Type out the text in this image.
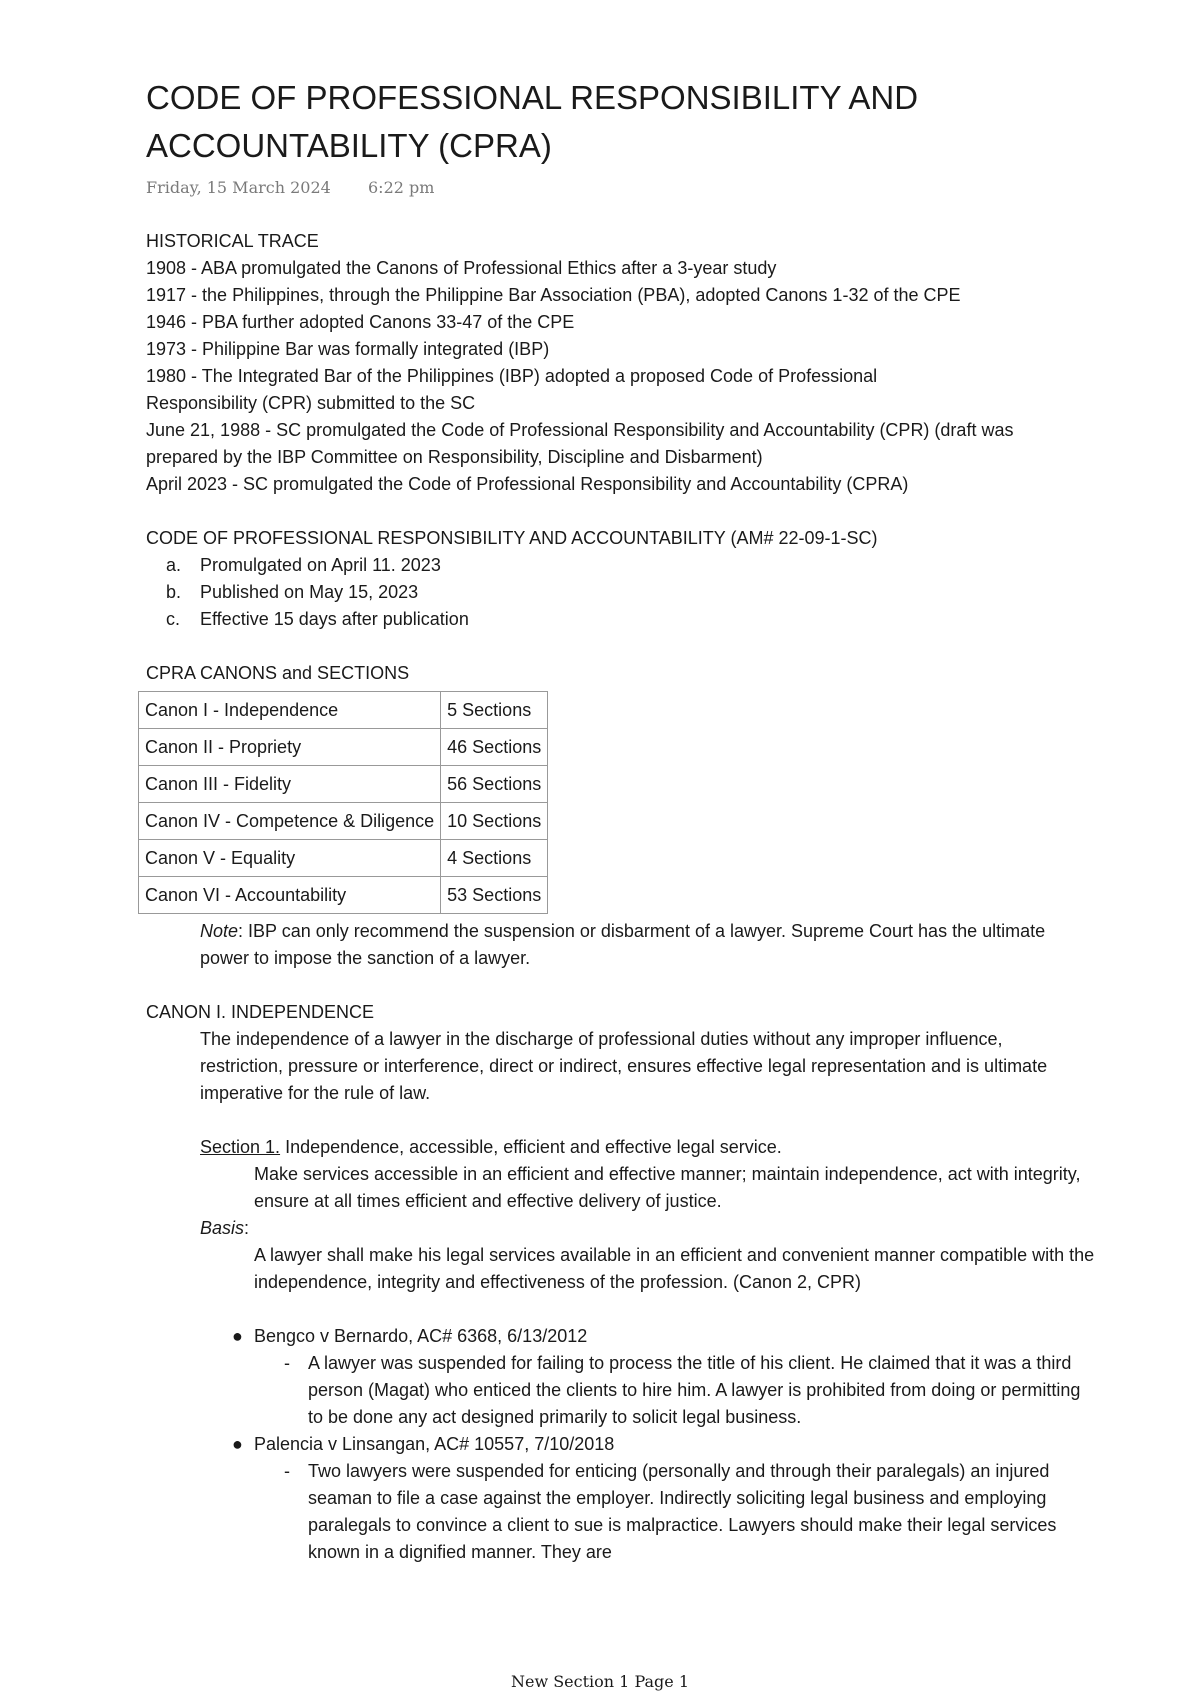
CODE OF PROFESSIONAL RESPONSIBILITY AND ACCOUNTABILITY (CPRA)
Friday, 15 March 2024 6:22 pm

HISTORICAL TRACE

1908 - ABA promulgated the Canons of Professional Ethics after a 3-year study

1917 - the Philippines, through the Philippine Bar Association (PBA), adopted Canons 1-32 of the CPE

1946 - PBA further adopted Canons 33-47 of the CPE

1973 - Philippine Bar was formally integrated (IBP)

1980 - The Integrated Bar of the Philippines (IBP) adopted a proposed Code of Professional Responsibility (CPR) submitted to the SC

June 21, 1988 - SC promulgated the Code of Professional Responsibility and Accountability (CPR) (draft was prepared by the IBP Committee on Responsibility, Discipline and Disbarment)

April 2023 - SC promulgated the Code of Professional Responsibility and Accountability (CPRA)

CODE OF PROFESSIONAL RESPONSIBILITY AND ACCOUNTABILITY (AM# 22-09-1-SC)

a. Promulgated on April 11. 2023
b. Published on May 15, 2023
c. Effective 15 days after publication

CPRA CANONS and SECTIONS

Canon I - Independence	5 Sections
Canon II - Propriety	46 Sections
Canon III - Fidelity	56 Sections
Canon IV - Competence & Diligence	10 Sections
Canon V - Equality	4 Sections
Canon VI - Accountability	53 Sections

Note: IBP can only recommend the suspension or disbarment of a lawyer. Supreme Court has the ultimate power to impose the sanction of a lawyer.

CANON I. INDEPENDENCE

The independence of a lawyer in the discharge of professional duties without any improper influence, restriction, pressure or interference, direct or indirect, ensures effective legal representation and is ultimate imperative for the rule of law.

Section 1. Independence, accessible, efficient and effective legal service.

Make services accessible in an efficient and effective manner; maintain independence, act with integrity, ensure at all times efficient and effective delivery of justice.

Basis:

A lawyer shall make his legal services available in an efficient and convenient manner compatible with the independence, integrity and effectiveness of the profession. (Canon 2, CPR)

● Bengco v Bernardo, AC# 6368, 6/13/2012
- A lawyer was suspended for failing to process the title of his client. He claimed that it was a third person (Magat) who enticed the clients to hire him. A lawyer is prohibited from doing or permitting to be done any act designed primarily to solicit legal business.
● Palencia v Linsangan, AC# 10557, 7/10/2018
- Two lawyers were suspended for enticing (personally and through their paralegals) an injured seaman to file a case against the employer. Indirectly soliciting legal business and employing paralegals to convince a client to sue is malpractice. Lawyers should make their legal services known in a dignified manner. They are
New Section 1 Page 1
